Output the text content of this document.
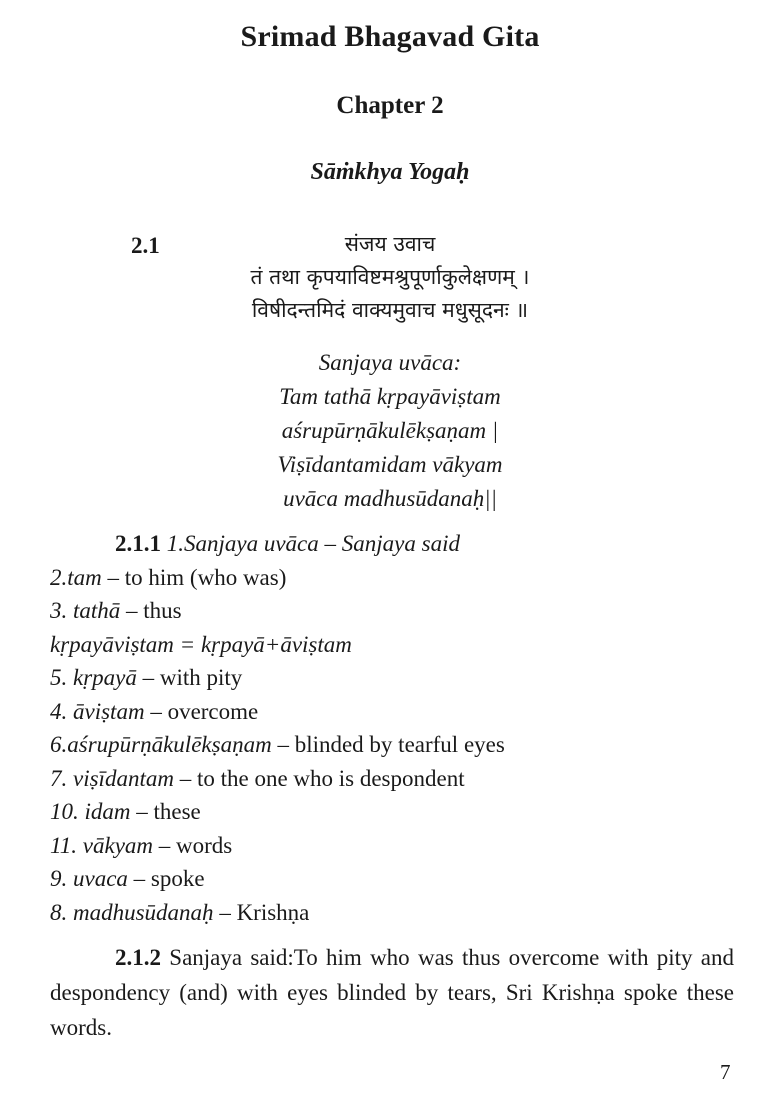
Srimad Bhagavad Gita
Chapter 2
Sāṁkhya Yogaḥ
2.1	संजय उवाच
तं तथा कृपयाविष्टमश्रुपूर्णाकुलेक्षणम् ।
विषीदन्तमिदं वाक्यमुवाच मधुसूदनः ॥
Sanjaya uvāca:
Tam tathā kṛpayāviṣtam
aśrupūrṇākulēkṣaṇam |
Viṣīdantamidam vākyam
uvāca madhusūdanaḥ||
2.1.1 1.Sanjaya uvāca – Sanjaya said
2.tam – to him (who was)
3. tathā – thus
kṛpayāviṣtam = kṛpayā+āviṣtam
5. kṛpayā – with pity
4. āviṣtam – overcome
6.aśrupūrṇākulēkṣaṇam – blinded by tearful eyes
7. viṣīdantam – to the one who is despondent
10. idam – these
11. vākyam – words
9. uvaca – spoke
8. madhusūdanaḥ – Krishṇa
2.1.2 Sanjaya said:To him who was thus overcome with pity and despondency (and) with eyes blinded by tears, Sri Krishṇa spoke these words.
7
